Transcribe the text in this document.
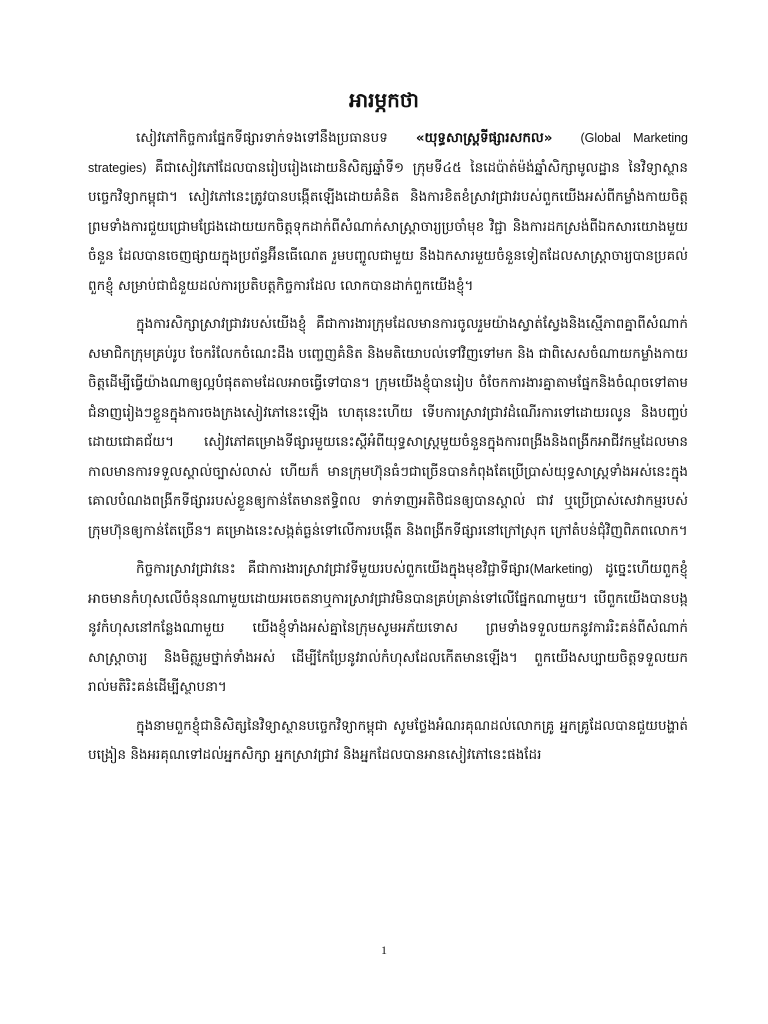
អារម្ភកថា

សៀវភៅកិច្ចការផ្នែកទីផ្សារទាក់ទងទៅនឹងប្រធានបទ «យុទ្ធសាស្ត្រទីផ្សារសកល» (Global Marketing strategies) គឺជាសៀវភៅដែលបានរៀបរៀងដោយនិសិត្សឆ្នាំទី១ ក្រុមទី៤៥ នៃដេប៉ាត់ម៉ង់ឆ្នាំសិក្សាមូលដ្ឋាន នៃវិទ្យាស្ថានបច្ចេកវិទ្យាកម្ពុជា។ សៀវភៅនេះត្រូវបានបង្កើតឡើងដោយគំនិត និងការខិតខំស្រាវជ្រាវរបស់ពួកយើងអស់ពីកម្លាំងកាយចិត្ត ព្រមទាំងការជួយជ្រោមជ្រែងដោយយកចិត្តទុកដាក់ពីសំណាក់សាស្ត្រាចារ្យប្រចាំមុខ វិជ្ជា និងការដកស្រង់ពីឯកសារយោងមួយចំនួន ដែលបានចេញផ្សាយក្នុងប្រព័ន្ធអ៊ីនធើណេត រួមបញ្ចូលជាមួយ នឹងឯកសារមួយចំនួនទៀតដែលសាស្ត្រាចារ្យបានប្រគល់ពួកខ្ញុំ សម្រាប់ជាជំនួយដល់ការប្រតិបត្តកិច្ចការដែល លោកបានដាក់ពួកយើងខ្ញុំ។

ក្នុងការសិក្សាស្រាវជ្រាវរបស់យើងខ្ញុំ គឺជាការងារក្រុមដែលមានការចូលរួមយ៉ាងស្វាត់ស្វែងនិងស្មើភាពគ្នាពីសំណាក់សមាជិកក្រុមគ្រប់រូប ចែករំលែកចំណេះដឹង បញ្ចេញគំនិត និងមតិយោបល់ទៅវិញទៅមក និង ជាពិសេសចំណាយកម្លាំងកាយចិត្តដើម្បីធ្វើយ៉ាងណាឲ្យល្អបំផុតតាមដែលអាចធ្វើទៅបាន។ ក្រុមយើងខ្ញុំបានរៀប ចំចែកការងារគ្នាតាមផ្នែកនិងចំណុចទៅតាមជំនាញរៀងៗខ្លួនក្នុងការចងក្រងសៀវភៅនេះឡើង ហេតុនេះហើយ ទើបការស្រាវជ្រាវដំណើរការទៅដោយរលូន និងបញ្ចប់ដោយជោគជ័យ។ សៀវភៅគម្រោងទីផ្សារមួយនេះស្ដីអំពីយុទ្ធសាស្ត្រមួយចំនួនក្នុងការពង្រីងនិងពង្រីកអាជីវកម្មដែលមានកាលមានការទទួលស្គាល់ច្បាស់លាស់ ហើយក៏ មានក្រុមហ៊ុនធំៗជាច្រើនបានកំពុងតែប្រើប្រាស់យុទ្ធសាស្ត្រទាំងអស់នេះក្នុងគោលបំណងពង្រីកទីផ្សាររបស់ខ្លួនឲ្យកាន់តែមានឥទ្ធិពល ទាក់ទាញអតិថិជនឲ្យបានស្គាល់ ជាវ ឬប្រើប្រាស់សេវាកម្មរបស់ក្រុមហ៊ុនឲ្យកាន់តែច្រើន។ គម្រោងនេះសង្កត់ធ្ងន់ទៅលើការបង្កើត និងពង្រីកទីផ្សារនៅក្រៅស្រុក ក្រៅតំបន់ជុំវិញពិភពលោក។

កិច្ចការស្រាវជ្រាវនេះ គឺជាការងារស្រាវជ្រាវទីមួយរបស់ពួកយើងក្នុងមុខវិជ្ជាទីផ្សារ(Marketing) ដូច្នេះហើយពួកខ្ញុំអាចមានកំហុសលើចំនុនណាមួយដោយអចេតនាឬការស្រាវជ្រាវមិនបានគ្រប់គ្រាន់ទៅលើផ្នែកណាមួយ។ បើពួកយើងបានបង្កនូវកំហុសនៅកន្លែងណាមួយ យើងខ្ញុំទាំងអស់គ្នានៃក្រុមសូមអភ័យទោស ព្រមទាំងទទួលយកនូវការរិះគន់ពីសំណាក់សាស្ត្រាចារ្យ និងមិត្តរួមថ្នាក់ទាំងអស់ ដើម្បីកែប្រែនូវរាល់កំហុសដែលកើតមានឡើង។ ពួកយើងសប្បាយចិត្តទទួលយករាល់មតិរិះគន់ដើម្បីស្ថាបនា។

ក្នុងនាមពួកខ្ញុំជានិសិត្សនៃវិទ្យាស្ថានបច្ចេកវិទ្យាកម្ពុជា សូមថ្លែងអំណរគុណដល់លោកគ្រូ អ្នកគ្រូដែលបានជួយបង្ហាត់បង្រៀន និងអរគុណទៅដល់អ្នកសិក្សា អ្នកស្រាវជ្រាវ និងអ្នកដែលបានអានសៀវភៅនេះផងដែរ

1
